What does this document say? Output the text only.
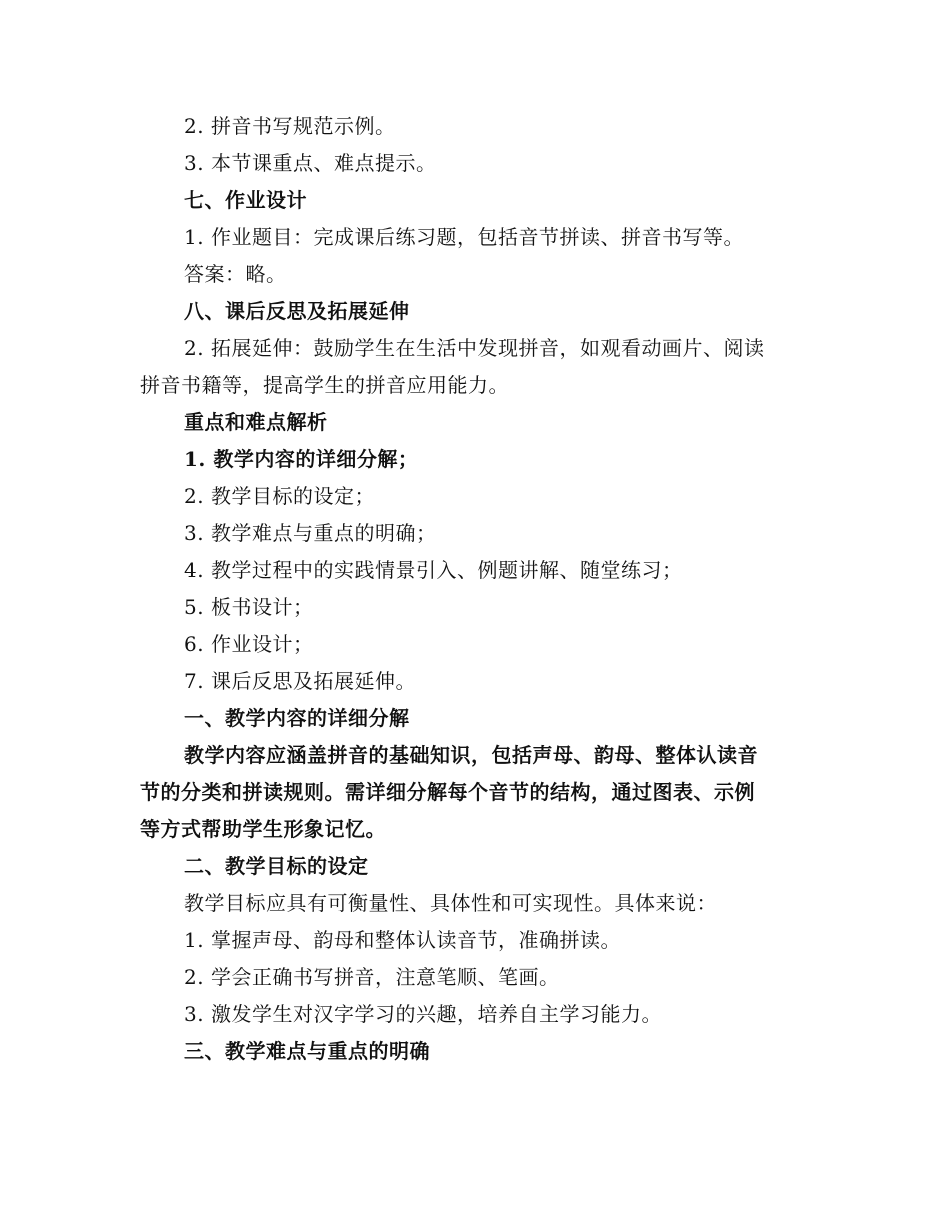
2. 拼音书写规范示例。
3. 本节课重点、难点提示。
七、作业设计
1. 作业题目：完成课后练习题，包括音节拼读、拼音书写等。
答案：略。
八、课后反思及拓展延伸
2. 拓展延伸：鼓励学生在生活中发现拼音，如观看动画片、阅读
拼音书籍等，提高学生的拼音应用能力。
重点和难点解析
1. 教学内容的详细分解；
2. 教学目标的设定；
3. 教学难点与重点的明确；
4. 教学过程中的实践情景引入、例题讲解、随堂练习；
5. 板书设计；
6. 作业设计；
7. 课后反思及拓展延伸。
一、教学内容的详细分解
教学内容应涵盖拼音的基础知识，包括声母、韵母、整体认读音
节的分类和拼读规则。需详细分解每个音节的结构，通过图表、示例
等方式帮助学生形象记忆。
二、教学目标的设定
教学目标应具有可衡量性、具体性和可实现性。具体来说：
1. 掌握声母、韵母和整体认读音节，准确拼读。
2. 学会正确书写拼音，注意笔顺、笔画。
3. 激发学生对汉字学习的兴趣，培养自主学习能力。
三、教学难点与重点的明确
